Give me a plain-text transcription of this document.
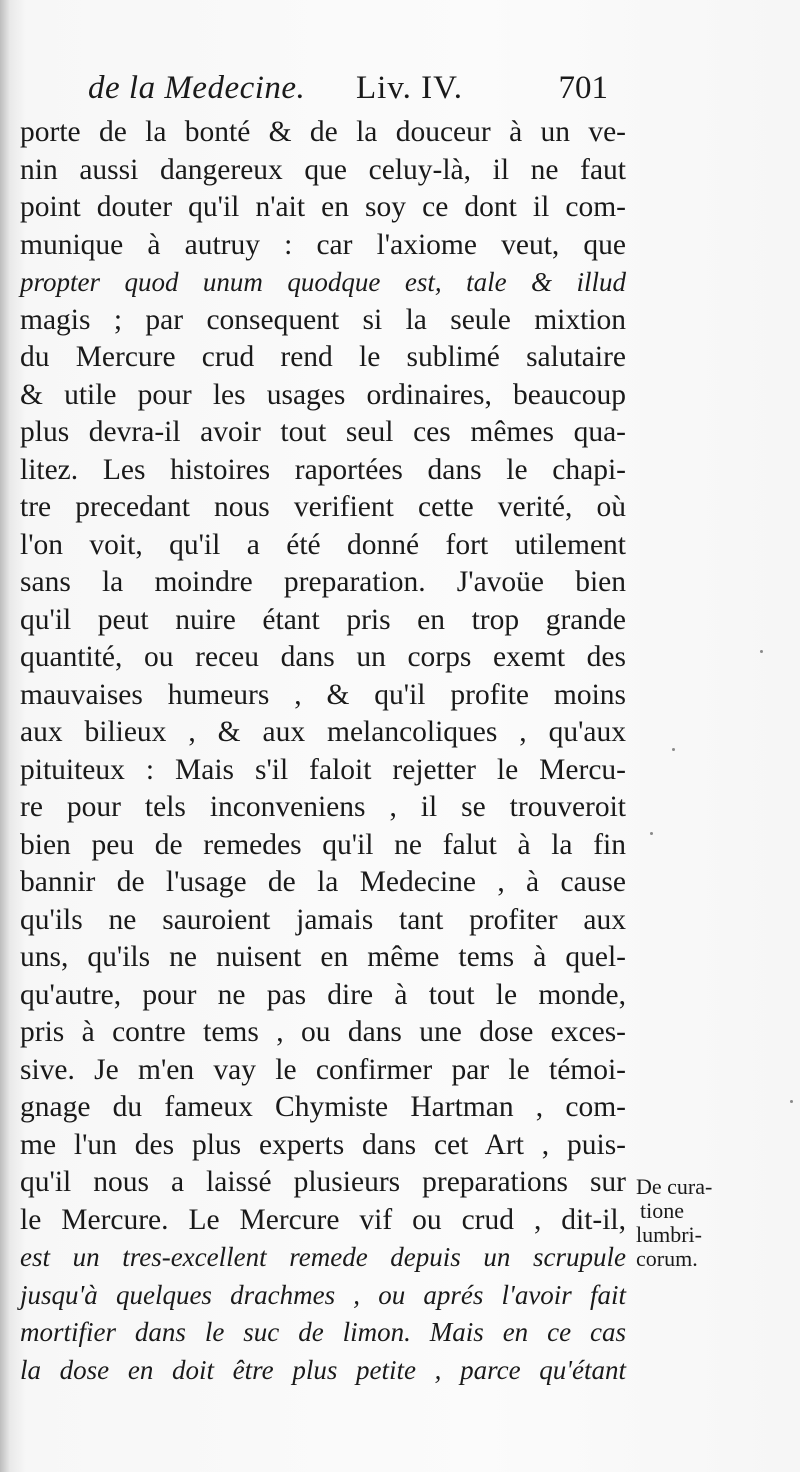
de la Medecine. Liv. IV.	701
porte de la bonté & de la douceur à un ve-
nin aussi dangereux que celuy-là, il ne faut
point douter qu'il n'ait en soy ce dont il com-
munique à autruy : car l'axiome veut, que
propter quod unum quodque est, tale & illud
magis ; par consequent si la seule mixtion
du Mercure crud rend le sublimé salutaire
& utile pour les usages ordinaires, beaucoup
plus devra-il avoir tout seul ces mêmes qua-
litez. Les histoires raportées dans le chapi-
tre precedant nous verifient cette verité, où
l'on voit, qu'il a été donné fort utilement
sans la moindre preparation. J'avoüe bien
qu'il peut nuire étant pris en trop grande
quantité, ou receu dans un corps exemt des
mauvaises humeurs , & qu'il profite moins
aux bilieux , & aux melancoliques , qu'aux
pituiteux : Mais s'il faloit rejetter le Mercu-
re pour tels inconveniens , il se trouveroit
bien peu de remedes qu'il ne falut à la fin
bannir de l'usage de la Medecine , à cause
qu'ils ne sauroient jamais tant profiter aux
uns, qu'ils ne nuisent en même tems à quel-
qu'autre, pour ne pas dire à tout le monde,
pris à contre tems , ou dans une dose exces-
sive. Je m'en vay le confirmer par le témoi-
gnage du fameux Chymiste Hartman , com-
me l'un des plus experts dans cet Art , puis-
qu'il nous a laissé plusieurs preparations sur
le Mercure. Le Mercure vif ou crud , dit-il,
est un tres-excellent remede depuis un scrupule
jusqu'à quelques drachmes , ou aprés l'avoir fait
mortifier dans le suc de limon. Mais en ce cas
la dose en doit être plus petite , parce qu'étant
De cura-
tione
lumbri-
corum.
